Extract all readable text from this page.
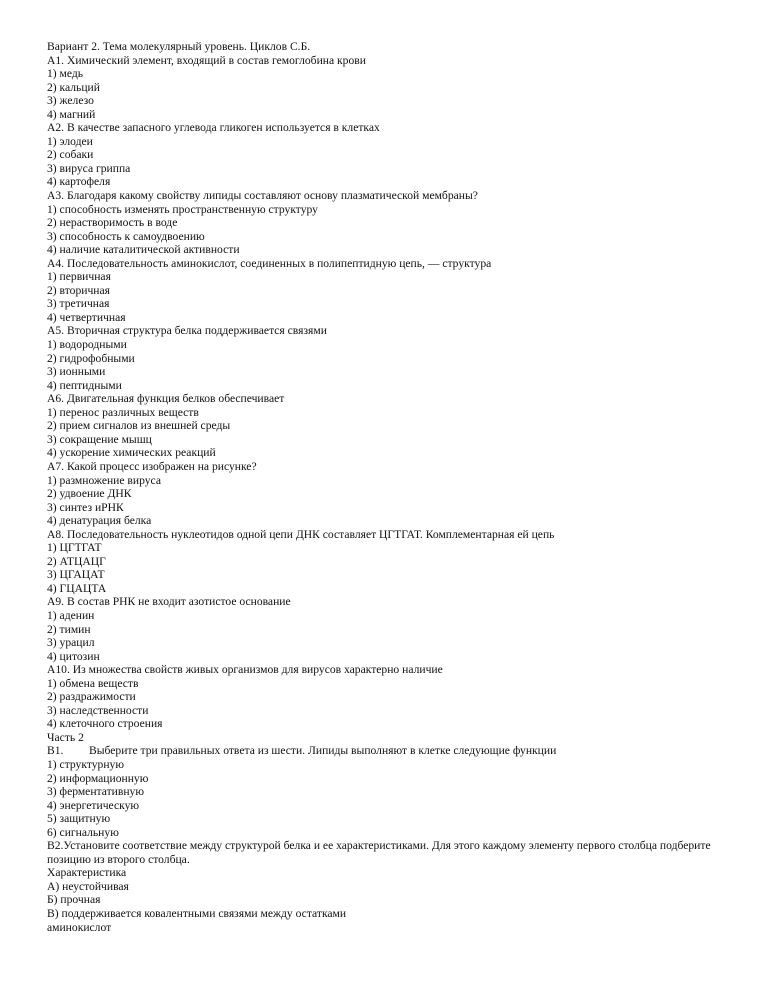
Вариант 2. Тема молекулярный уровень. Циклов С.Б.
А1. Химический элемент, входящий в состав гемоглобина крови
1) медь
2) кальций
3) железо
4) магний
А2. В качестве запасного углевода гликоген используется в клетках
1) элодеи
2) собаки
3) вируса гриппа
4) картофеля
А3. Благодаря какому свойству липиды составляют основу плазматической мембраны?
1) способность изменять пространственную структуру
2) нерастворимость в воде
3) способность к самоудвоению
4) наличие каталитической активности
А4. Последовательность аминокислот, соединенных в полипептидную цепь, — структура
1) первичная
2) вторичная
3) третичная
4) четвертичная
А5. Вторичная структура белка поддерживается связями
1) водородными
2) гидрофобными
3) ионными
4) пептидными
А6. Двигательная функция белков обеспечивает
1) перенос различных веществ
2) прием сигналов из внешней среды
3) сокращение мышц
4) ускорение химических реакций
А7. Какой процесс изображен на рисунке?
1) размножение вируса
2) удвоение ДНК
3) синтез иРНК
4) денатурация белка
А8. Последовательность нуклеотидов одной цепи ДНК составляет ЦГТГАТ. Комплементарная ей цепь
1) ЦГТГАТ
2) АТЦАЦГ
3) ЦГАЦАТ
4) ГЦАЦТА
А9. В состав РНК не входит азотистое основание
1) аденин
2) тимин
3) урацил
4) цитозин
А10. Из множества свойств живых организмов для вирусов характерно наличие
1) обмена веществ
2) раздражимости
3) наследственности
4) клеточного строения
Часть 2
В1. Выберите три правильных ответа из шести. Липиды выполняют в клетке следующие функции
1) структурную
2) информационную
3) ферментативную
4) энергетическую
5) защитную
6) сигнальную
В2.Установите соответствие между структурой белка и ее характеристиками. Для этого каждому элементу первого столбца подберите позицию из второго столбца.
Характеристика
А) неустойчивая
Б) прочная
В) поддерживается ковалентными связями между остатками
аминокислот
